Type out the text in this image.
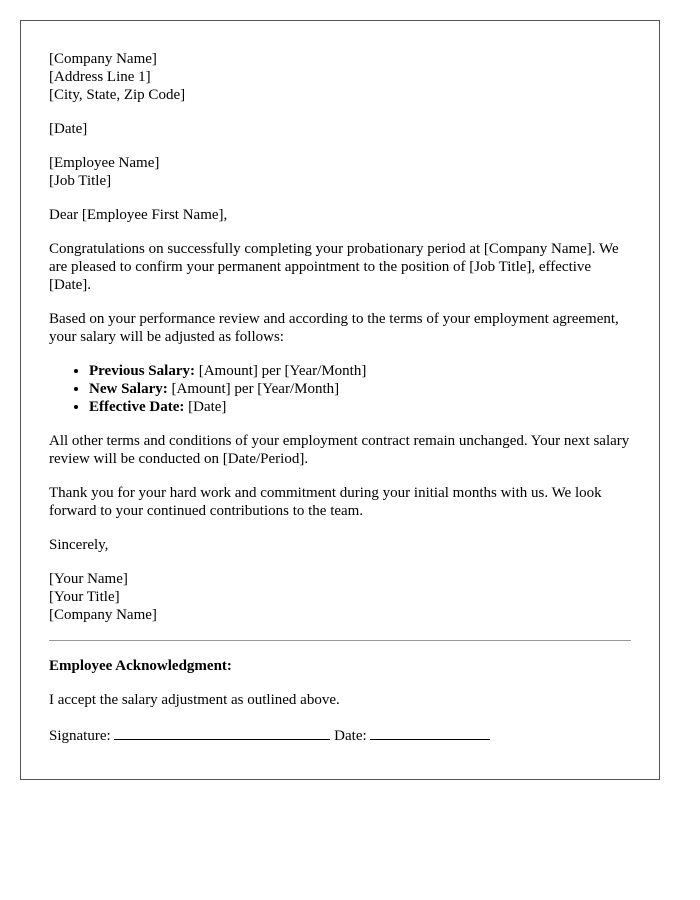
[Company Name]
[Address Line 1]
[City, State, Zip Code]
[Date]
[Employee Name]
[Job Title]

Dear [Employee First Name],

Congratulations on successfully completing your probationary period at [Company Name]. We are pleased to confirm your permanent appointment to the position of [Job Title], effective [Date].

Based on your performance review and according to the terms of your employment agreement, your salary will be adjusted as follows:

• Previous Salary: [Amount] per [Year/Month]
• New Salary: [Amount] per [Year/Month]
• Effective Date: [Date]

All other terms and conditions of your employment contract remain unchanged. Your next salary review will be conducted on [Date/Period].

Thank you for your hard work and commitment during your initial months with us. We look forward to your continued contributions to the team.

Sincerely,

[Your Name]
[Your Title]
[Company Name]
Employee Acknowledgment:

I accept the salary adjustment as outlined above.

Signature:	Date:
